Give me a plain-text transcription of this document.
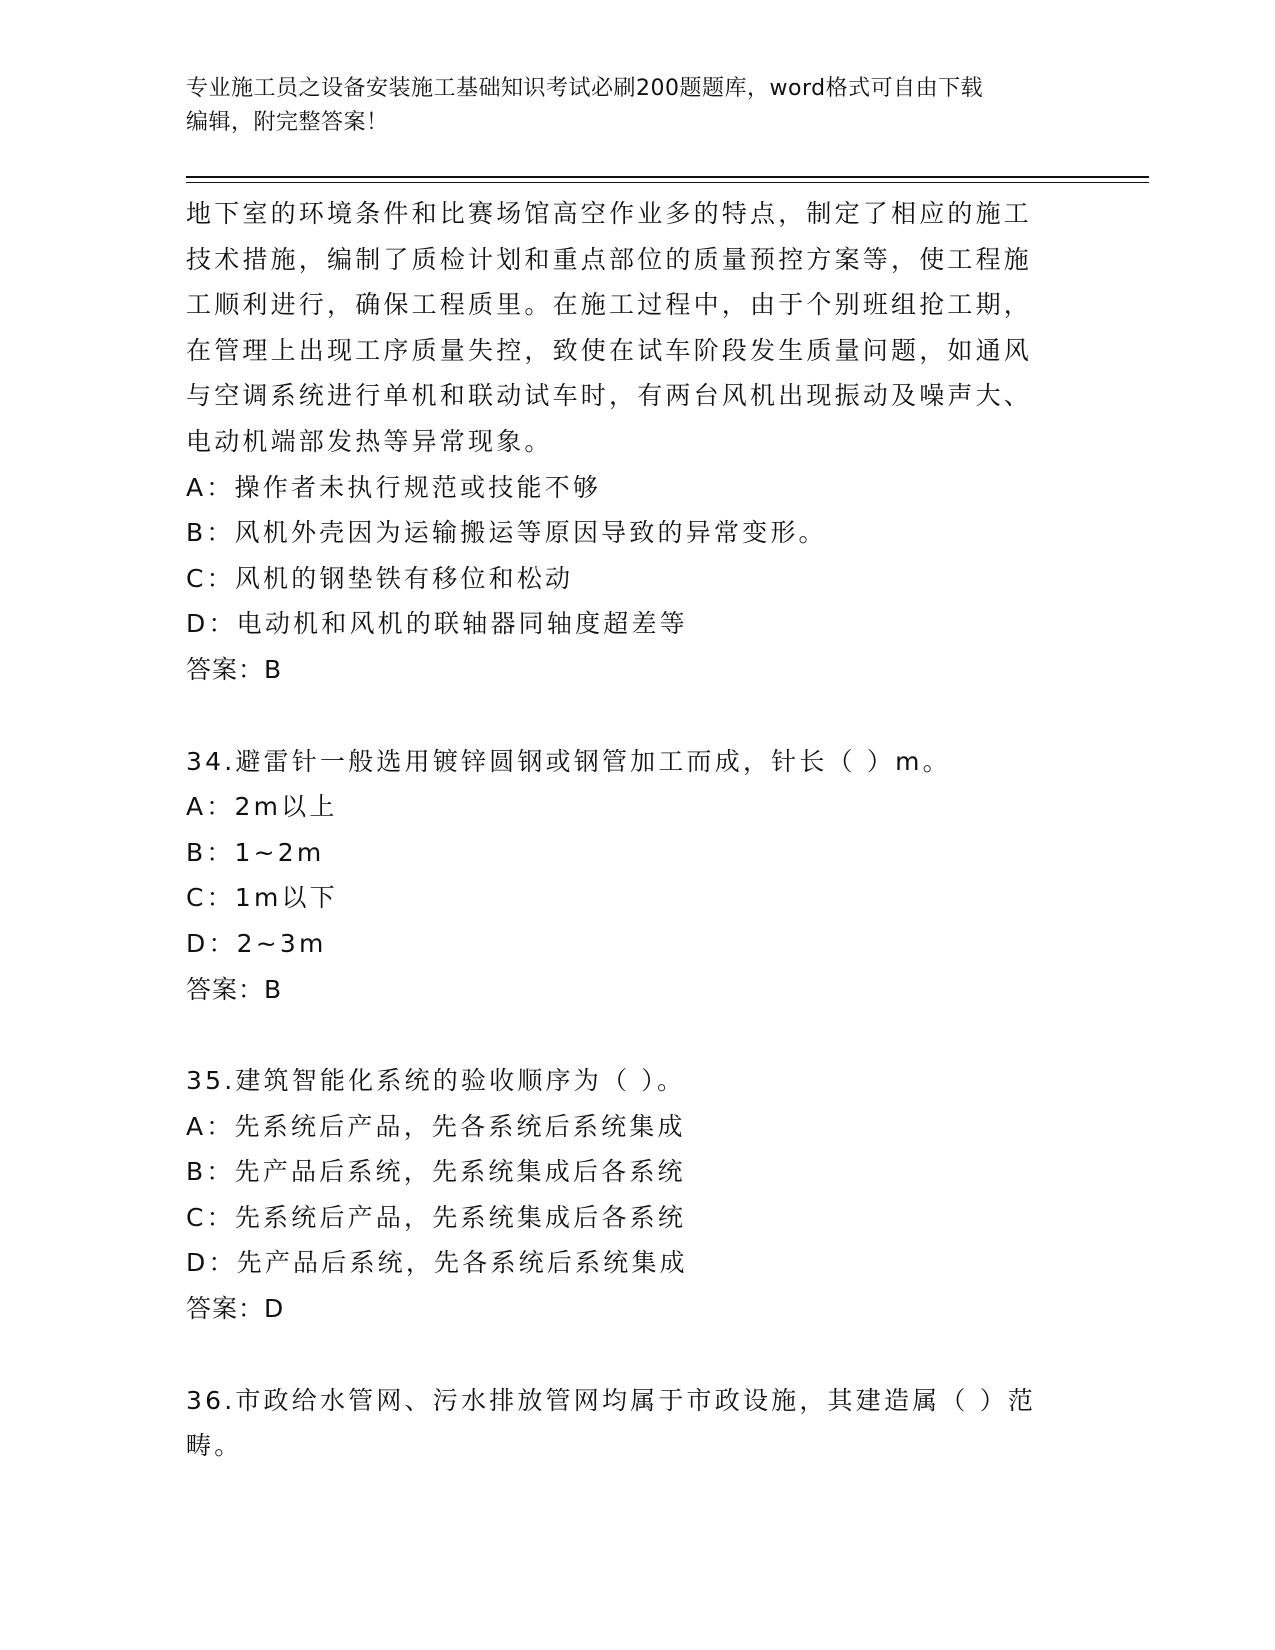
专业施工员之设备安装施工基础知识考试必刷200题题库，word格式可自由下载
编辑，附完整答案！
地下室的环境条件和比赛场馆高空作业多的特点，制定了相应的施工
技术措施，编制了质检计划和重点部位的质量预控方案等，使工程施
工顺利进行，确保工程质里。在施工过程中，由于个别班组抢工期，
在管理上出现工序质量失控，致使在试车阶段发生质量问题，如通风
与空调系统进行单机和联动试车时，有两台风机出现振动及噪声大、
电动机端部发热等异常现象。
A：操作者未执行规范或技能不够
B：风机外壳因为运输搬运等原因导致的异常变形。
C：风机的钢垫铁有移位和松动
D：电动机和风机的联轴器同轴度超差等
答案：B
34.避雷针一般选用镀锌圆钢或钢管加工而成，针长（ ）m。
A：2m以上
B：1~2m
C：1m以下
D：2~3m
答案：B
35.建筑智能化系统的验收顺序为（ ）。
A：先系统后产品，先各系统后系统集成
B：先产品后系统，先系统集成后各系统
C：先系统后产品，先系统集成后各系统
D：先产品后系统，先各系统后系统集成
答案：D
36.市政给水管网、污水排放管网均属于市政设施，其建造属（ ）范
畴。
